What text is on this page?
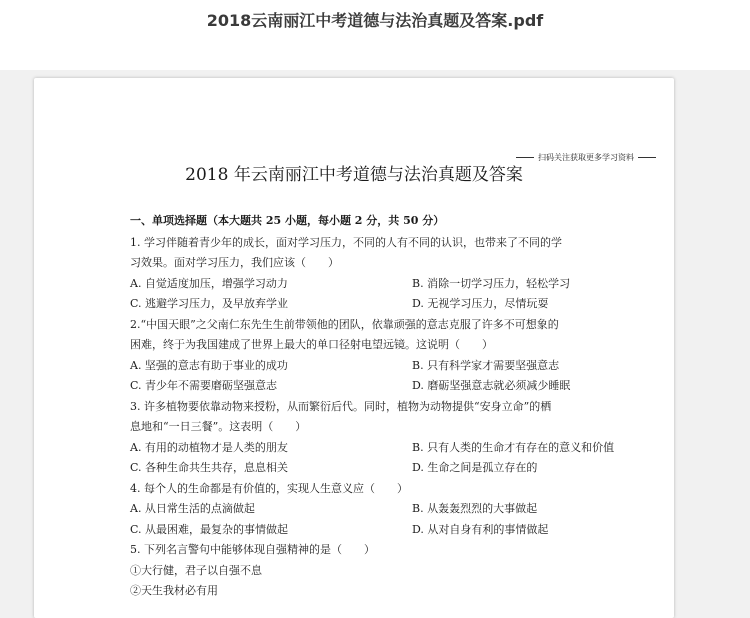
2018云南丽江中考道德与法治真题及答案.pdf
扫码关注获取更多学习资料
2018 年云南丽江中考道德与法治真题及答案
一、单项选择题（本大题共 25 小题，每小题 2 分，共 50 分）
1. 学习伴随着青少年的成长，面对学习压力，不同的人有不同的认识，也带来了不同的学
习效果。面对学习压力，我们应该（　　）
A. 自觉适度加压，增强学习动力	B. 消除一切学习压力，轻松学习
C. 逃避学习压力，及早放弃学业	D. 无视学习压力，尽情玩耍
2.“中国天眼”之父南仁东先生生前带领他的团队，依靠顽强的意志克服了许多不可想象的
困难，终于为我国建成了世界上最大的单口径射电望远镜。这说明（　　）
A. 坚强的意志有助于事业的成功	B. 只有科学家才需要坚强意志
C. 青少年不需要磨砺坚强意志	D. 磨砺坚强意志就必须减少睡眠
3. 许多植物要依靠动物来授粉，从而繁衍后代。同时，植物为动物提供“安身立命”的栖
息地和“一日三餐”。这表明（　　）
A. 有用的动植物才是人类的朋友	B. 只有人类的生命才有存在的意义和价值
C. 各种生命共生共存，息息相关	D. 生命之间是孤立存在的
4. 每个人的生命都是有价值的，实现人生意义应（　　）
A. 从日常生活的点滴做起	B. 从轰轰烈烈的大事做起
C. 从最困难，最复杂的事情做起	D. 从对自身有利的事情做起
5. 下列名言警句中能够体现自强精神的是（　　）
①大行健，君子以自强不息
②天生我材必有用
